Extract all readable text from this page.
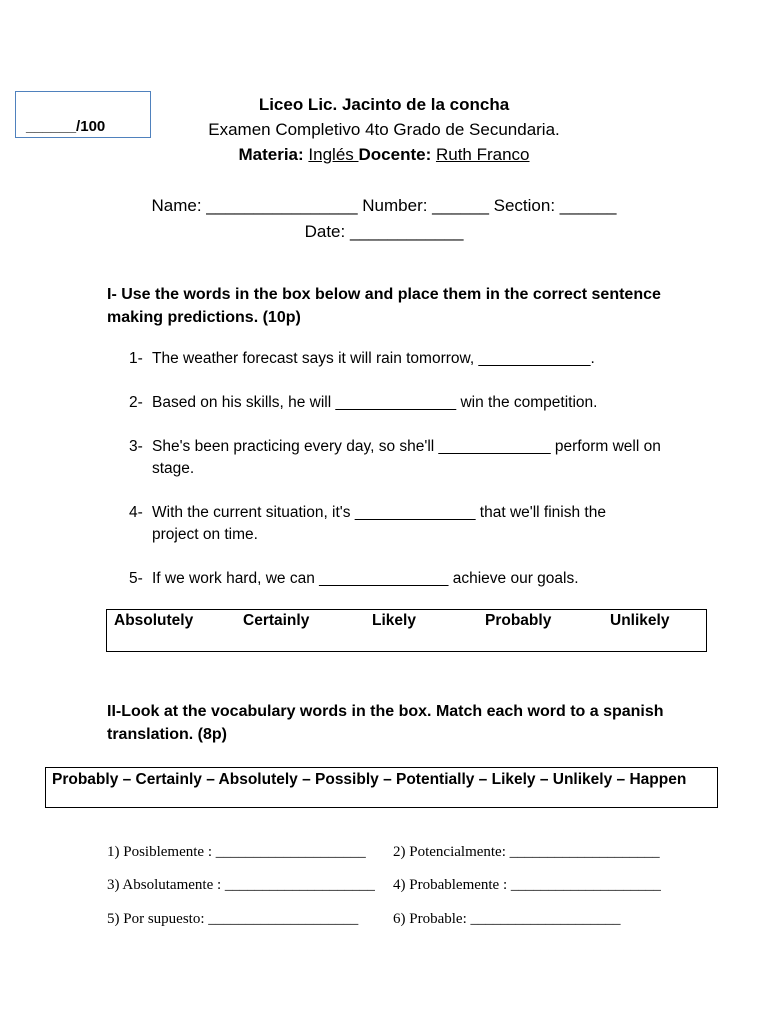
______/100
Liceo Lic. Jacinto de la concha
Examen Completivo 4to Grado de Secundaria.
Materia: Inglés Docente: Ruth Franco
Name: ________________ Number: ______ Section: ______
Date: ____________
I- Use the words in the box below and place them in the correct sentence making predictions. (10p)
1- The weather forecast says it will rain tomorrow, _____________.
2- Based on his skills, he will ______________ win the competition.
3- She's been practicing every day, so she'll _____________ perform well on stage.
4- With the current situation, it's ______________ that we'll finish the project on time.
5- If we work hard, we can _______________ achieve our goals.
Absolutely	Certainly	Likely	Probably	Unlikely
II-Look at the vocabulary words in the box. Match each word to a spanish translation. (8p)
Probably – Certainly – Absolutely – Possibly – Potentially – Likely – Unlikely – Happen
1) Posiblemente : ____________________ 2) Potencialmente: ____________________
3) Absolutamente : ____________________ 4) Probablemente : ____________________
5) Por supuesto: ____________________ 6) Probable: ____________________
